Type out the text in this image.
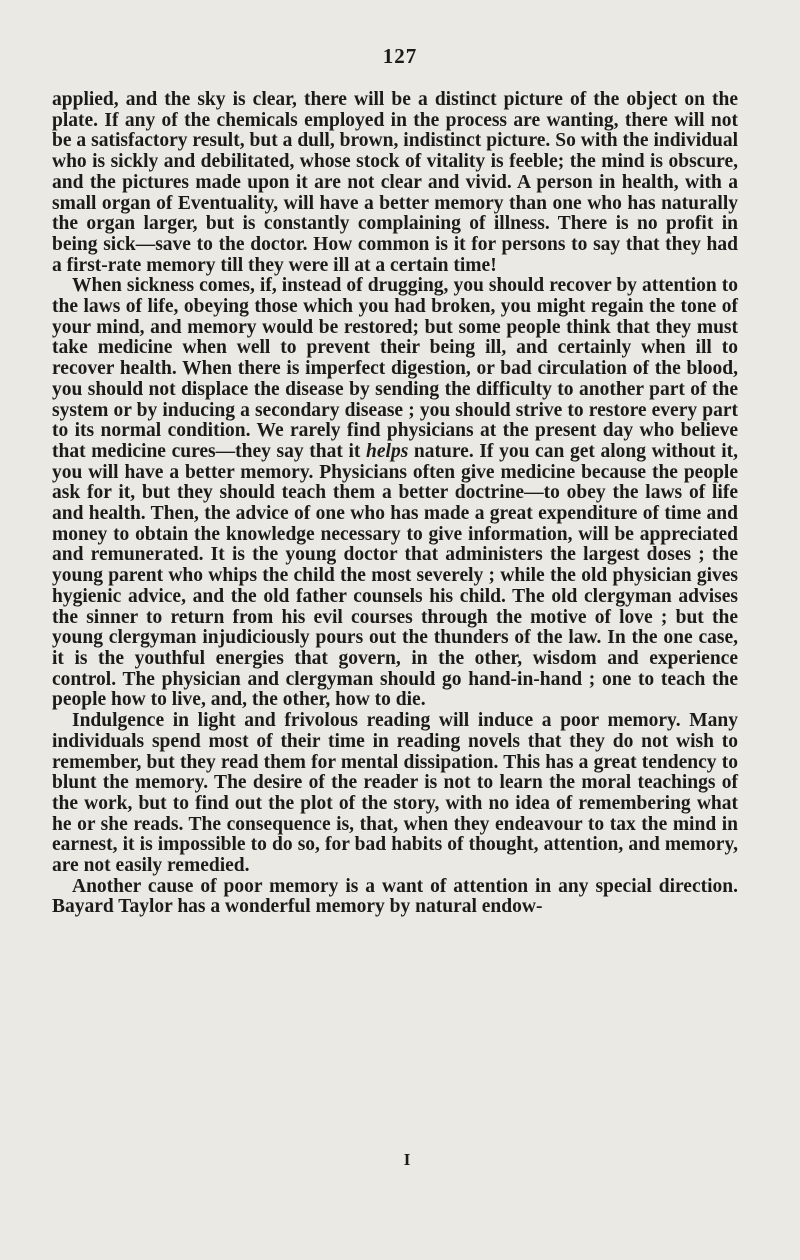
127

applied, and the sky is clear, there will be a distinct picture of the object on the plate. If any of the chemicals employed in the process are wanting, there will not be a satisfactory result, but a dull, brown, indistinct picture. So with the individual who is sickly and debilitated, whose stock of vitality is feeble; the mind is obscure, and the pictures made upon it are not clear and vivid. A person in health, with a small organ of Eventuality, will have a better memory than one who has naturally the organ larger, but is constantly complaining of illness. There is no profit in being sick—save to the doctor. How common is it for persons to say that they had a first-rate memory till they were ill at a certain time!

When sickness comes, if, instead of drugging, you should recover by attention to the laws of life, obeying those which you had broken, you might regain the tone of your mind, and memory would be restored; but some people think that they must take medicine when well to prevent their being ill, and certainly when ill to recover health. When there is imperfect digestion, or bad circulation of the blood, you should not displace the disease by sending the difficulty to another part of the system or by inducing a secondary disease ; you should strive to restore every part to its normal condition. We rarely find physicians at the present day who believe that medicine cures—they say that it helps nature. If you can get along without it, you will have a better memory. Physicians often give medicine because the people ask for it, but they should teach them a better doctrine—to obey the laws of life and health. Then, the advice of one who has made a great expenditure of time and money to obtain the knowledge necessary to give information, will be appreciated and remunerated. It is the young doctor that administers the largest doses ; the young parent who whips the child the most severely ; while the old physician gives hygienic advice, and the old father counsels his child. The old clergyman advises the sinner to return from his evil courses through the motive of love ; but the young clergyman injudiciously pours out the thunders of the law. In the one case, it is the youthful energies that govern, in the other, wisdom and experience control. The physician and clergyman should go hand-in-hand ; one to teach the people how to live, and, the other, how to die.

Indulgence in light and frivolous reading will induce a poor memory. Many individuals spend most of their time in reading novels that they do not wish to remember, but they read them for mental dissipation. This has a great tendency to blunt the memory. The desire of the reader is not to learn the moral teachings of the work, but to find out the plot of the story, with no idea of remembering what he or she reads. The consequence is, that, when they endeavour to tax the mind in earnest, it is impossible to do so, for bad habits of thought, attention, and memory, are not easily remedied.

Another cause of poor memory is a want of attention in any special direction. Bayard Taylor has a wonderful memory by natural endow-

I
